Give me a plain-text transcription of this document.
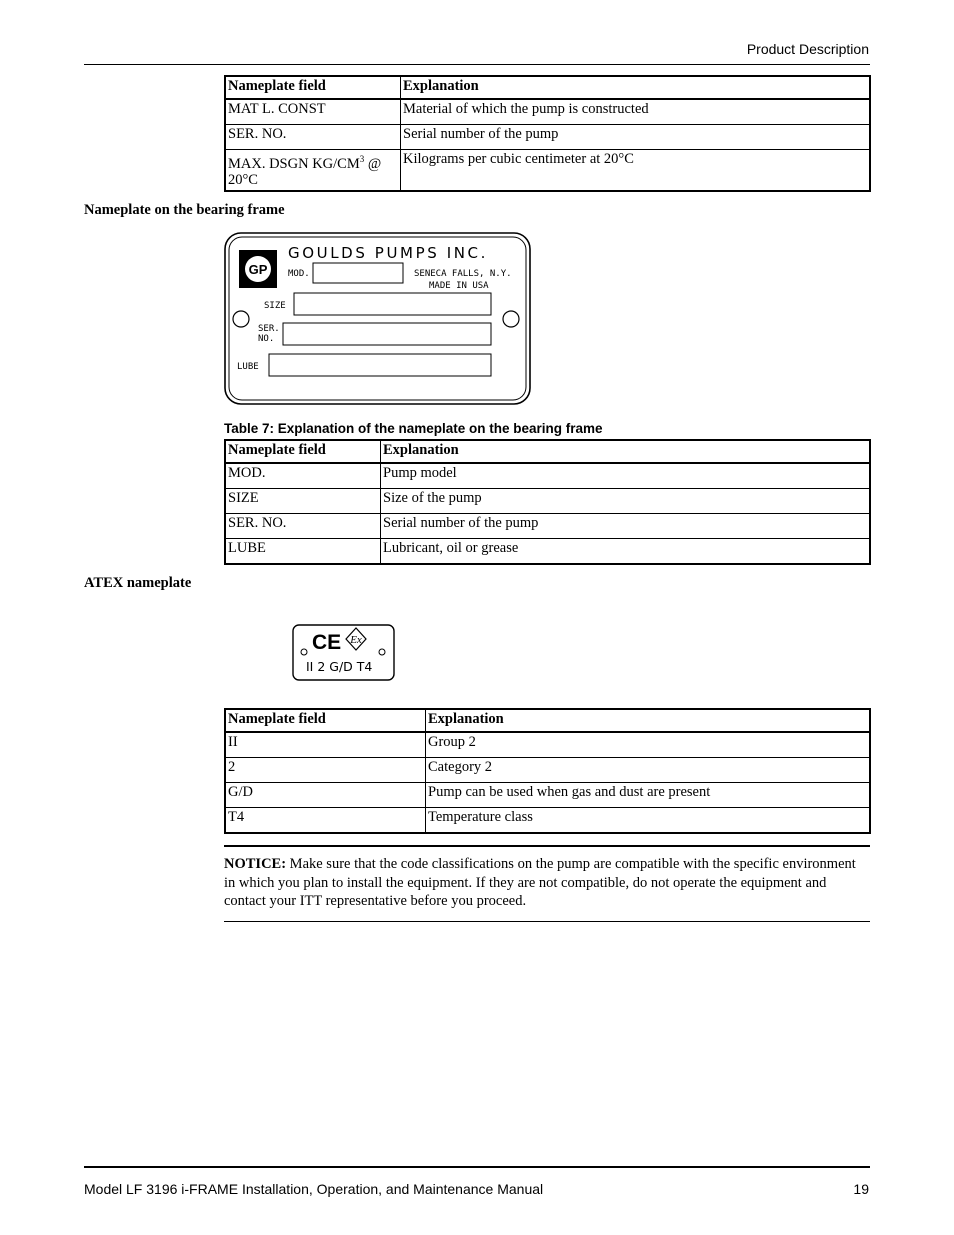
Product Description
Nameplate field	Explanation
MAT L. CONST	Material of which the pump is constructed
SER. NO.	Serial number of the pump
MAX. DSGN $KG/CM^3$ @
20°C	Kilograms per cubic centimeter at 20°C
Nameplate on the bearing frame
GP
GOULDS PUMPS INC.
MOD.	SENECA FALLS, N.Y.
MADE IN USA
SIZE
SER.
NO.
LUBE
Table 7: Explanation of the nameplate on the bearing frame
Nameplate field	Explanation
MOD.	Pump model
SIZE	Size of the pump
SER. NO.	Serial number of the pump
LUBE	Lubricant, oil or grease
ATEX nameplate
CE Ex
II 2 G/D T4
Nameplate field	Explanation
II	Group 2
2	Category 2
G/D	Pump can be used when gas and dust are present
T4	Temperature class
NOTICE: Make sure that the code classifications on the pump are compatible with the specific environment in which you plan to install the equipment. If they are not compatible, do not operate the equipment and contact your ITT representative before you proceed.
Model LF 3196 i-FRAME Installation, Operation, and Maintenance Manual	19
